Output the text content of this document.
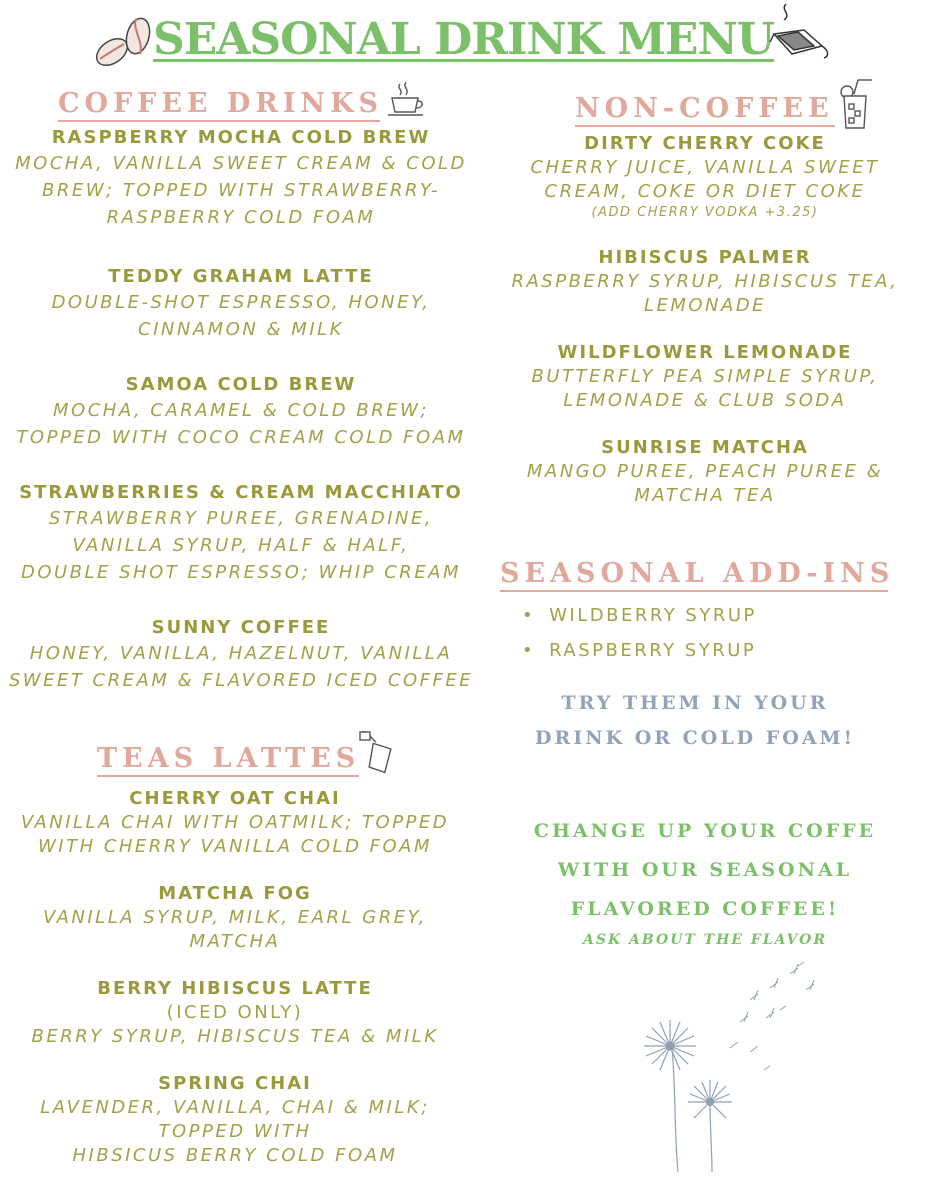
SEASONAL DRINK MENU
COFFEE DRINKS
RASPBERRY MOCHA COLD BREW
MOCHA, VANILLA SWEET CREAM & COLD
BREW; TOPPED WITH STRAWBERRY-
RASPBERRY COLD FOAM
TEDDY GRAHAM LATTE
DOUBLE-SHOT ESPRESSO, HONEY,
CINNAMON & MILK
SAMOA COLD BREW
MOCHA, CARAMEL & COLD BREW;
TOPPED WITH COCO CREAM COLD FOAM
STRAWBERRIES & CREAM MACCHIATO
STRAWBERRY PUREE, GRENADINE,
VANILLA SYRUP, HALF & HALF,
DOUBLE SHOT ESPRESSO; WHIP CREAM
SUNNY COFFEE
HONEY, VANILLA, HAZELNUT, VANILLA
SWEET CREAM & FLAVORED ICED COFFEE
TEAS LATTES
CHERRY OAT CHAI
VANILLA CHAI WITH OATMILK; TOPPED
WITH CHERRY VANILLA COLD FOAM
MATCHA FOG
VANILLA SYRUP, MILK, EARL GREY,
MATCHA
BERRY HIBISCUS LATTE
(ICED ONLY)
BERRY SYRUP, HIBISCUS TEA & MILK
SPRING CHAI
LAVENDER, VANILLA, CHAI & MILK;
TOPPED WITH
HIBSICUS BERRY COLD FOAM
NON-COFFEE
DIRTY CHERRY COKE
CHERRY JUICE, VANILLA SWEET
CREAM, COKE OR DIET COKE
(ADD CHERRY VODKA +3.25)
HIBISCUS PALMER
RASPBERRY SYRUP, HIBISCUS TEA,
LEMONADE
WILDFLOWER LEMONADE
BUTTERFLY PEA SIMPLE SYRUP,
LEMONADE & CLUB SODA
SUNRISE MATCHA
MANGO PUREE, PEACH PUREE &
MATCHA TEA
SEASONAL ADD-INS
• WILDBERRY SYRUP
• RASPBERRY SYRUP
TRY THEM IN YOUR
DRINK OR COLD FOAM!
CHANGE UP YOUR COFFE
WITH OUR SEASONAL
FLAVORED COFFEE!
ASK ABOUT THE FLAVOR
